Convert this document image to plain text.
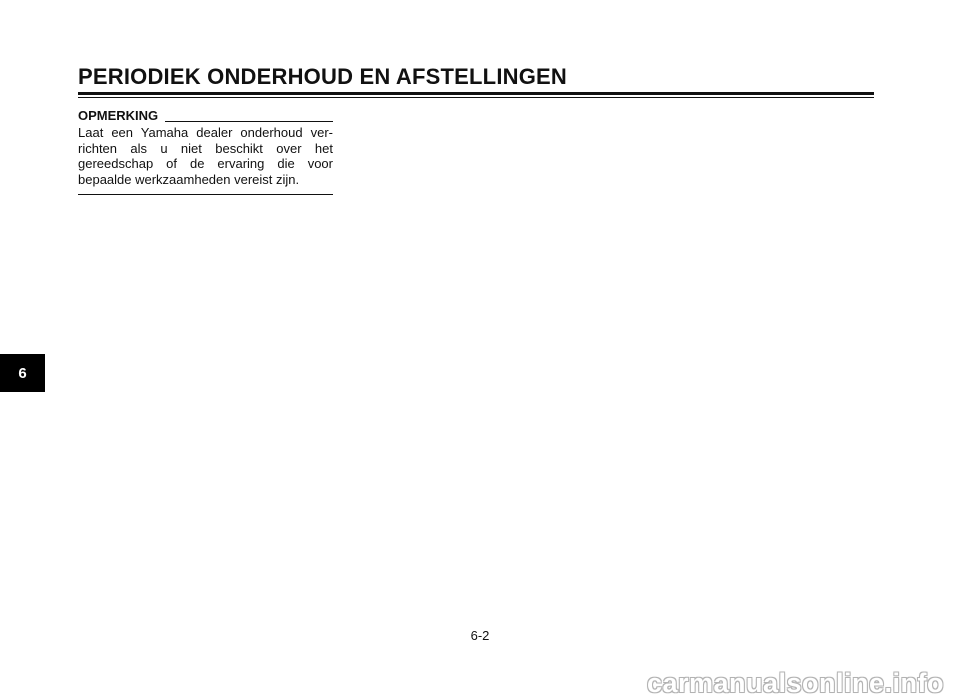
PERIODIEK ONDERHOUD EN AFSTELLINGEN
OPMERKING
Laat een Yamaha dealer onderhoud ver-
richten als u niet beschikt over het
gereedschap of de ervaring die voor
bepaalde werkzaamheden vereist zijn.
6
6-2
carmanualsonline.info
